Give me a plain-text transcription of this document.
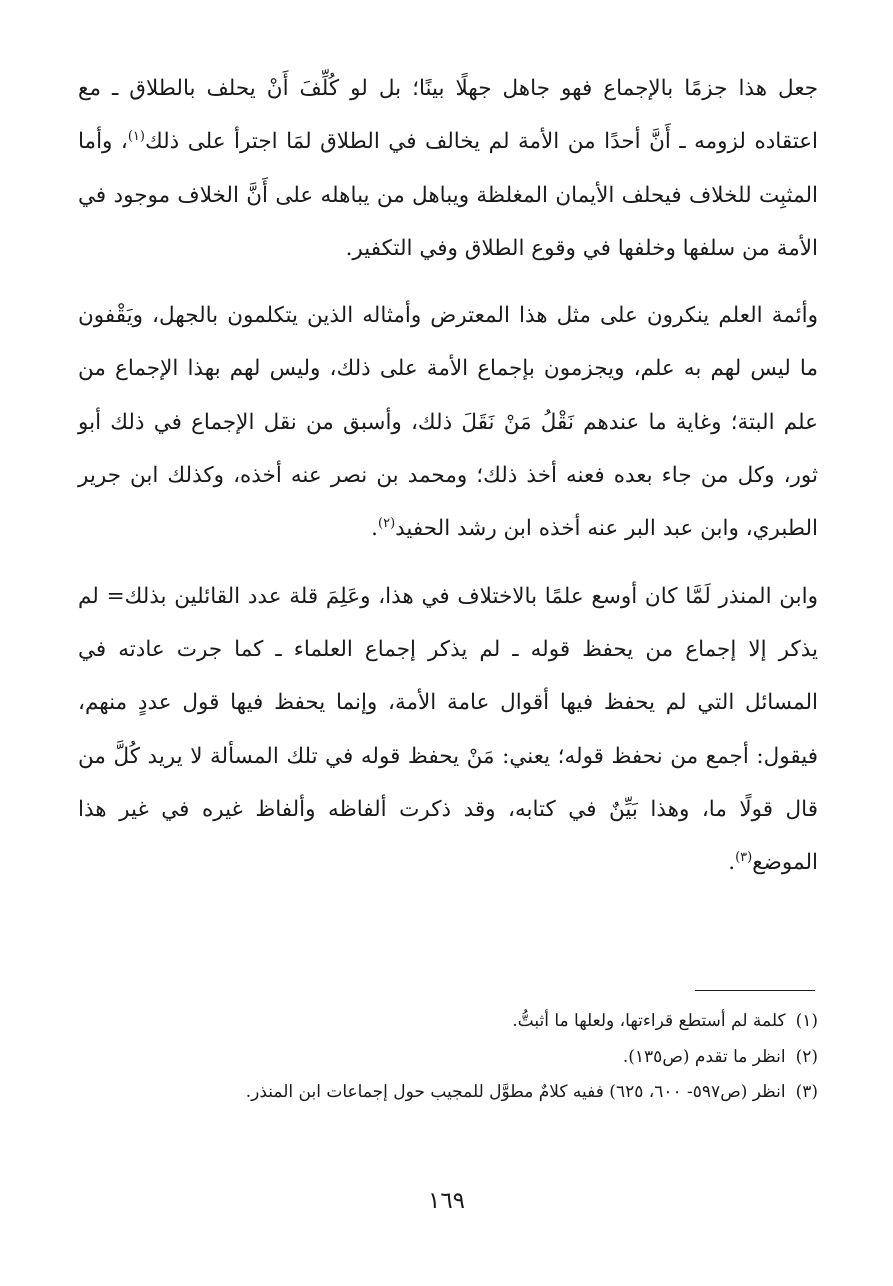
جعل هذا جزمًا بالإجماع فهو جاهل جهلًا بينًا؛ بل لو كُلِّفَ أَنْ يحلف بالطلاق ـ مع اعتقاده لزومه ـ أَنَّ أحدًا من الأمة لم يخالف في الطلاق لمَا اجترأ على ذلك$^{(١)}$، وأما المثبِت للخلاف فيحلف الأيمان المغلظة ويباهل من يباهله على أَنَّ الخلاف موجود في الأمة من سلفها وخلفها في وقوع الطلاق وفي التكفير.

وأئمة العلم ينكرون على مثل هذا المعترض وأمثاله الذين يتكلمون بالجهل، ويَقْفون ما ليس لهم به علم، ويجزمون بإجماع الأمة على ذلك، وليس لهم بهذا الإجماع من علم البتة؛ وغاية ما عندهم نَقْلُ مَنْ نَقَلَ ذلك، وأسبق من نقل الإجماع في ذلك أبو ثور، وكل من جاء بعده فعنه أخذ ذلك؛ ومحمد بن نصر عنه أخذه، وكذلك ابن جرير الطبري، وابن عبد البر عنه أخذه ابن رشد الحفيد$^{(٢)}$.

وابن المنذر لَمَّا كان أوسع علمًا بالاختلاف في هذا، وعَلِمَ قلة عدد القائلين بذلك= لم يذكر إلا إجماع من يحفظ قوله ـ لم يذكر إجماع العلماء ـ كما جرت عادته في المسائل التي لم يحفظ فيها أقوال عامة الأمة، وإنما يحفظ فيها قول عددٍ منهم، فيقول: أجمع من نحفظ قوله؛ يعني: مَنْ يحفظ قوله في تلك المسألة لا يريد كُلَّ من قال قولًا ما، وهذا بَيِّنٌ في كتابه، وقد ذكرت ألفاظه وألفاظ غيره في غير هذا الموضع$^{(٣)}$.

(١)كلمة لم أستطع قراءتها، ولعلها ما أثبتُّ.

(٢)انظر ما تقدم (ص١٣٥).

(٣)انظر (ص٥٩٧- ٦٠٠، ٦٢٥) ففيه كلامٌ مطوَّل للمجيب حول إجماعات ابن المنذر.

١٦٩
